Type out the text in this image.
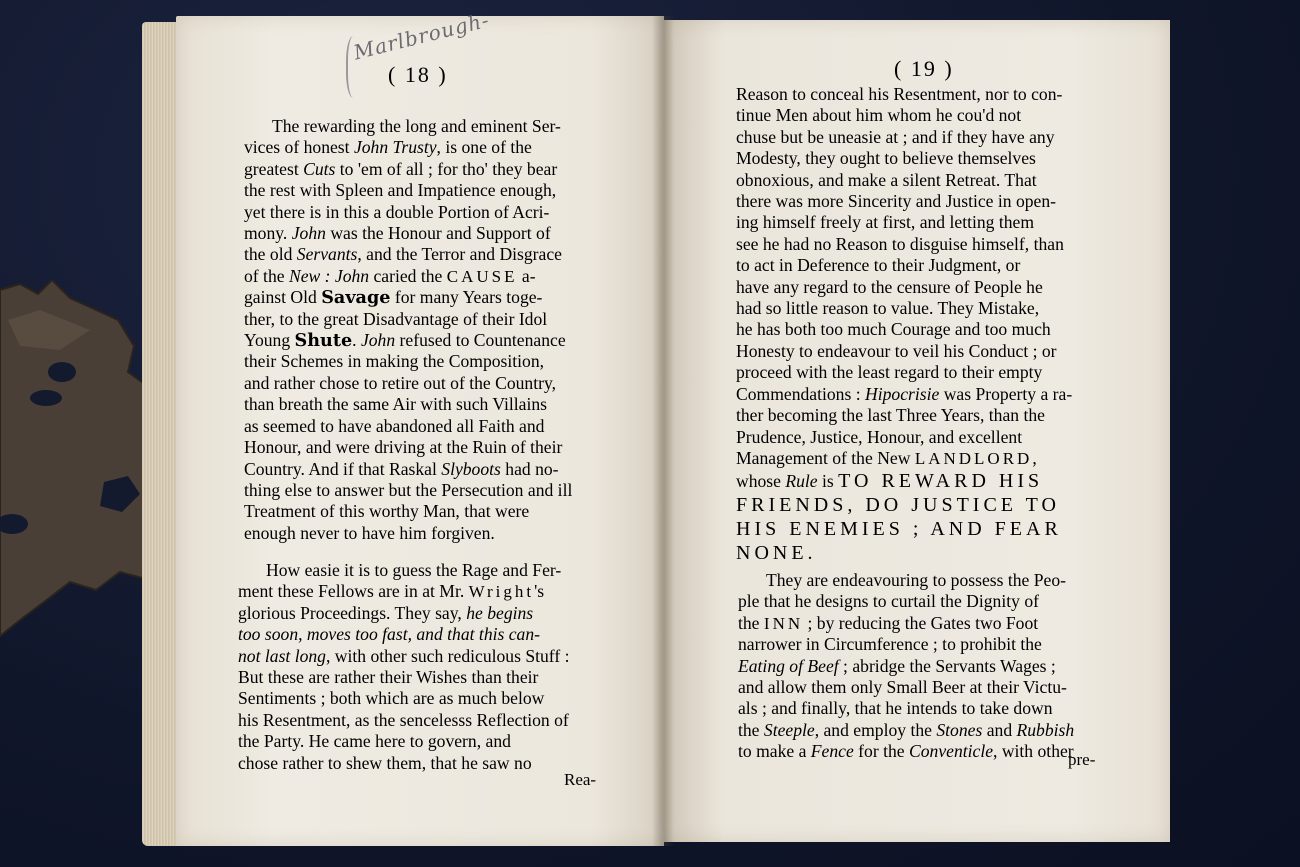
Marlbrough-
( 18 )	( 19 )

The rewarding the long and eminent Ser-

vices of honest John Trusty, is one of the

greatest Cuts to 'em of all ; for tho' they bear

the rest with Spleen and Impatience enough,

yet there is in this a double Portion of Acri-

mony. John was the Honour and Support of

the old Servants, and the Terror and Disgrace

of the New : John caried the CAUSE a-

gainst Old Savage for many Years toge-

ther, to the great Disadvantage of their Idol

Young Shute. John refused to Countenance

their Schemes in making the Composition,

and rather chose to retire out of the Country,

than breath the same Air with such Villains

as seemed to have abandoned all Faith and

Honour, and were driving at the Ruin of their

Country. And if that Raskal Slyboots had no-

thing else to answer but the Persecution and ill

Treatment of this worthy Man, that were

enough never to have him forgiven.

How easie it is to guess the Rage and Fer-

ment these Fellows are in at Mr. Wright's

glorious Proceedings. They say, he begins

too soon, moves too fast, and that this can-

not last long, with other such rediculous Stuff :

But these are rather their Wishes than their

Sentiments ; both which are as much below

his Resentment, as the sencelesss Reflection of

the Party. He came here to govern, and

chose rather to shew them, that he saw no

Rea-

Reason to conceal his Resentment, nor to con-

tinue Men about him whom he cou'd not

chuse but be uneasie at ; and if they have any

Modesty, they ought to believe themselves

obnoxious, and make a silent Retreat. That

there was more Sincerity and Justice in open-

ing himself freely at first, and letting them

see he had no Reason to disguise himself, than

to act in Deference to their Judgment, or

have any regard to the censure of People he

had so little reason to value. They Mistake,

he has both too much Courage and too much

Honesty to endeavour to veil his Conduct ; or

proceed with the least regard to their empty

Commendations : Hipocrisie was Property a ra-

ther becoming the last Three Years, than the

Prudence, Justice, Honour, and excellent

Management of the New LANDLORD,

whose Rule is TO REWARD HIS

FRIENDS, DO JUSTICE TO

HIS ENEMIES ; AND FEAR

NONE.

They are endeavouring to possess the Peo-

ple that he designs to curtail the Dignity of

the INN ; by reducing the Gates two Foot

narrower in Circumference ; to prohibit the

Eating of Beef ; abridge the Servants Wages ;

and allow them only Small Beer at their Victu-

als ; and finally, that he intends to take down

the Steeple, and employ the Stones and Rubbish

to make a Fence for the Conventicle, with other

pre-
